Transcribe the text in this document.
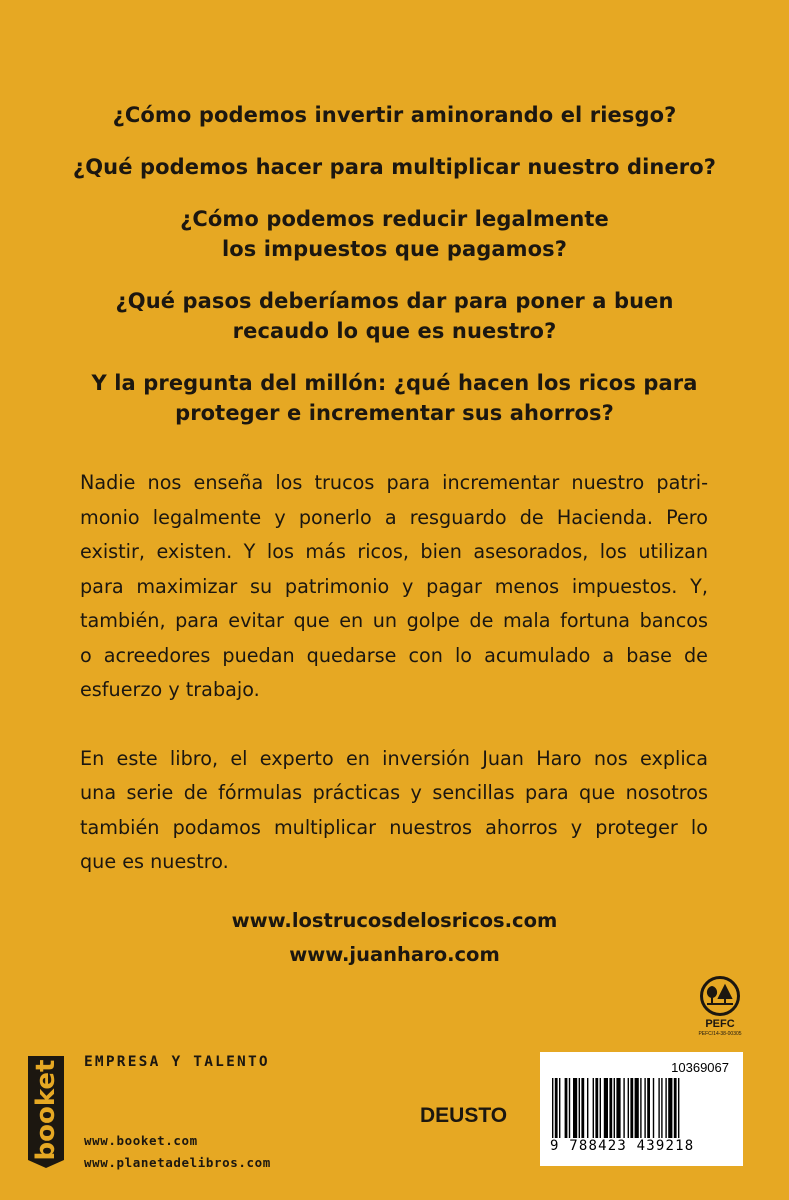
¿Cómo podemos invertir aminorando el riesgo?

¿Qué podemos hacer para multiplicar nuestro dinero?

¿Cómo podemos reducir legalmente
los impuestos que pagamos?

¿Qué pasos deberíamos dar para poner a buen
recaudo lo que es nuestro?

Y la pregunta del millón: ¿qué hacen los ricos para
proteger e incrementar sus ahorros?

Nadie nos enseña los trucos para incrementar nuestro patri-
monio legalmente y ponerlo a resguardo de Hacienda. Pero
existir, existen. Y los más ricos, bien asesorados, los utilizan
para maximizar su patrimonio y pagar menos impuestos. Y,
también, para evitar que en un golpe de mala fortuna bancos
o acreedores puedan quedarse con lo acumulado a base de
esfuerzo y trabajo.
En este libro, el experto en inversión Juan Haro nos explica
una serie de fórmulas prácticas y sencillas para que nosotros
también podamos multiplicar nuestros ahorros y proteger lo
que es nuestro.
www.lostrucosdelosricos.com
www.juanharo.com
PEFC
PEFC/14-38-00305
booket EMPRESA Y TALENTO
www.booket.com
www.planetadelibros.com
DEUSTO
10369067
9 788423 439218
